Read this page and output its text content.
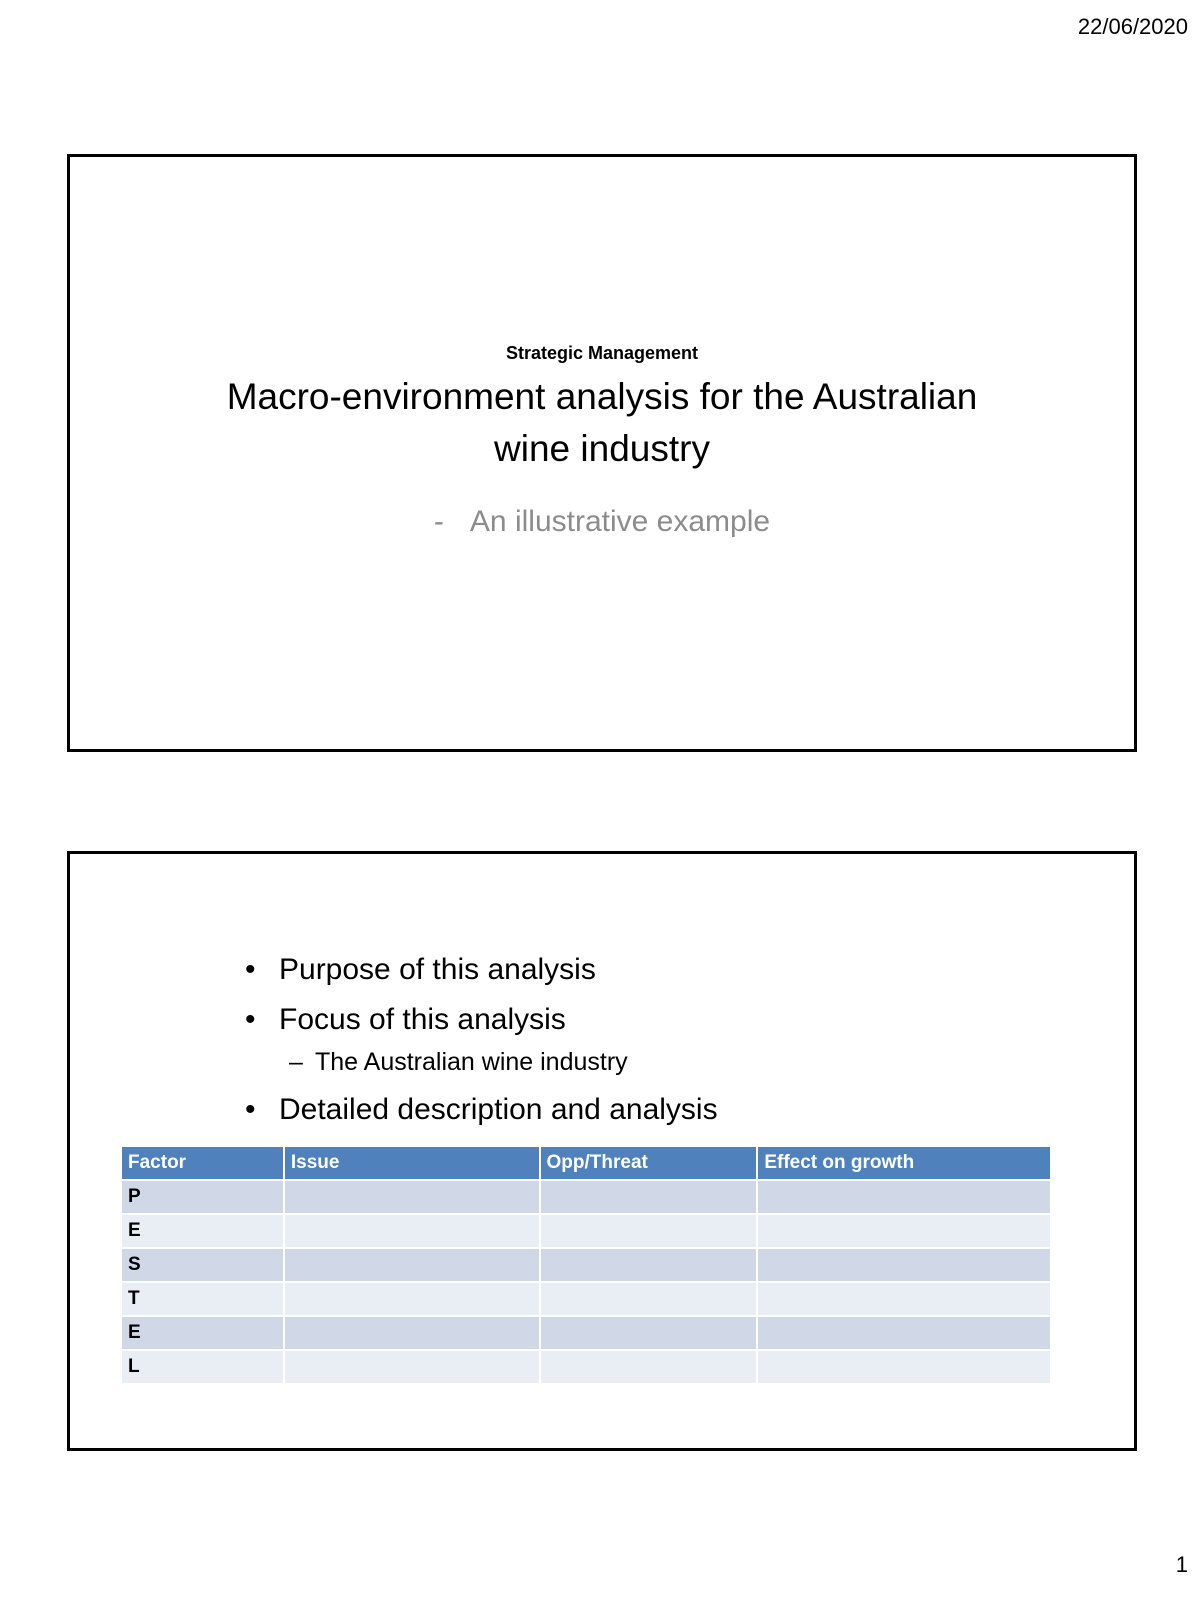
22/06/2020
Strategic Management
Macro-environment analysis for the Australian
wine industry
- An illustrative example
• Purpose of this analysis
• Focus of this analysis
– The Australian wine industry
• Detailed description and analysis
Factor	Issue	Opp/Threat	Effect on growth
P			
E			
S			
T			
E			
L			
1
